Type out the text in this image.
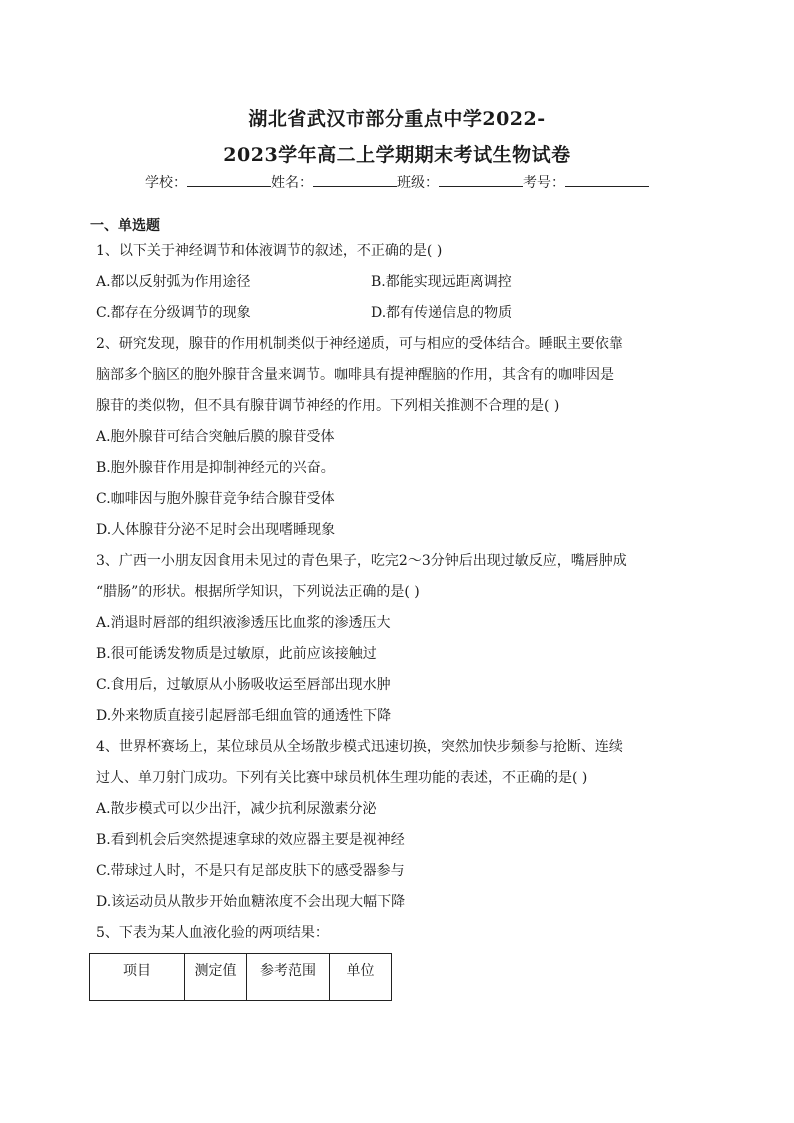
湖北省武汉市部分重点中学2022-
2023学年高二上学期期末考试生物试卷
学校：	姓名：	班级：	考号：
一、单选题
1、以下关于神经调节和体液调节的叙述，不正确的是( )
A.都以反射弧为作用途径	B.都能实现远距离调控
C.都存在分级调节的现象	D.都有传递信息的物质
2、研究发现，腺苷的作用机制类似于神经递质，可与相应的受体结合。睡眠主要依靠
脑部多个脑区的胞外腺苷含量来调节。咖啡具有提神醒脑的作用，其含有的咖啡因是
腺苷的类似物，但不具有腺苷调节神经的作用。下列相关推测不合理的是( )
A.胞外腺苷可结合突触后膜的腺苷受体
B.胞外腺苷作用是抑制神经元的兴奋。
C.咖啡因与胞外腺苷竞争结合腺苷受体
D.人体腺苷分泌不足时会出现嗜睡现象
3、广西一小朋友因食用未见过的青色果子，吃完2～3分钟后出现过敏反应，嘴唇肿成
“腊肠”的形状。根据所学知识，下列说法正确的是( )
A.消退时唇部的组织液渗透压比血浆的渗透压大
B.很可能诱发物质是过敏原，此前应该接触过
C.食用后，过敏原从小肠吸收运至唇部出现水肿
D.外来物质直接引起唇部毛细血管的通透性下降
4、世界杯赛场上，某位球员从全场散步模式迅速切换，突然加快步频参与抢断、连续
过人、单刀射门成功。下列有关比赛中球员机体生理功能的表述，不正确的是( )
A.散步模式可以少出汗，减少抗利尿激素分泌
B.看到机会后突然提速拿球的效应器主要是视神经
C.带球过人时，不是只有足部皮肤下的感受器参与
D.该运动员从散步开始血糖浓度不会出现大幅下降
5、下表为某人血液化验的两项结果：
项目	测定值	参考范围	单位
